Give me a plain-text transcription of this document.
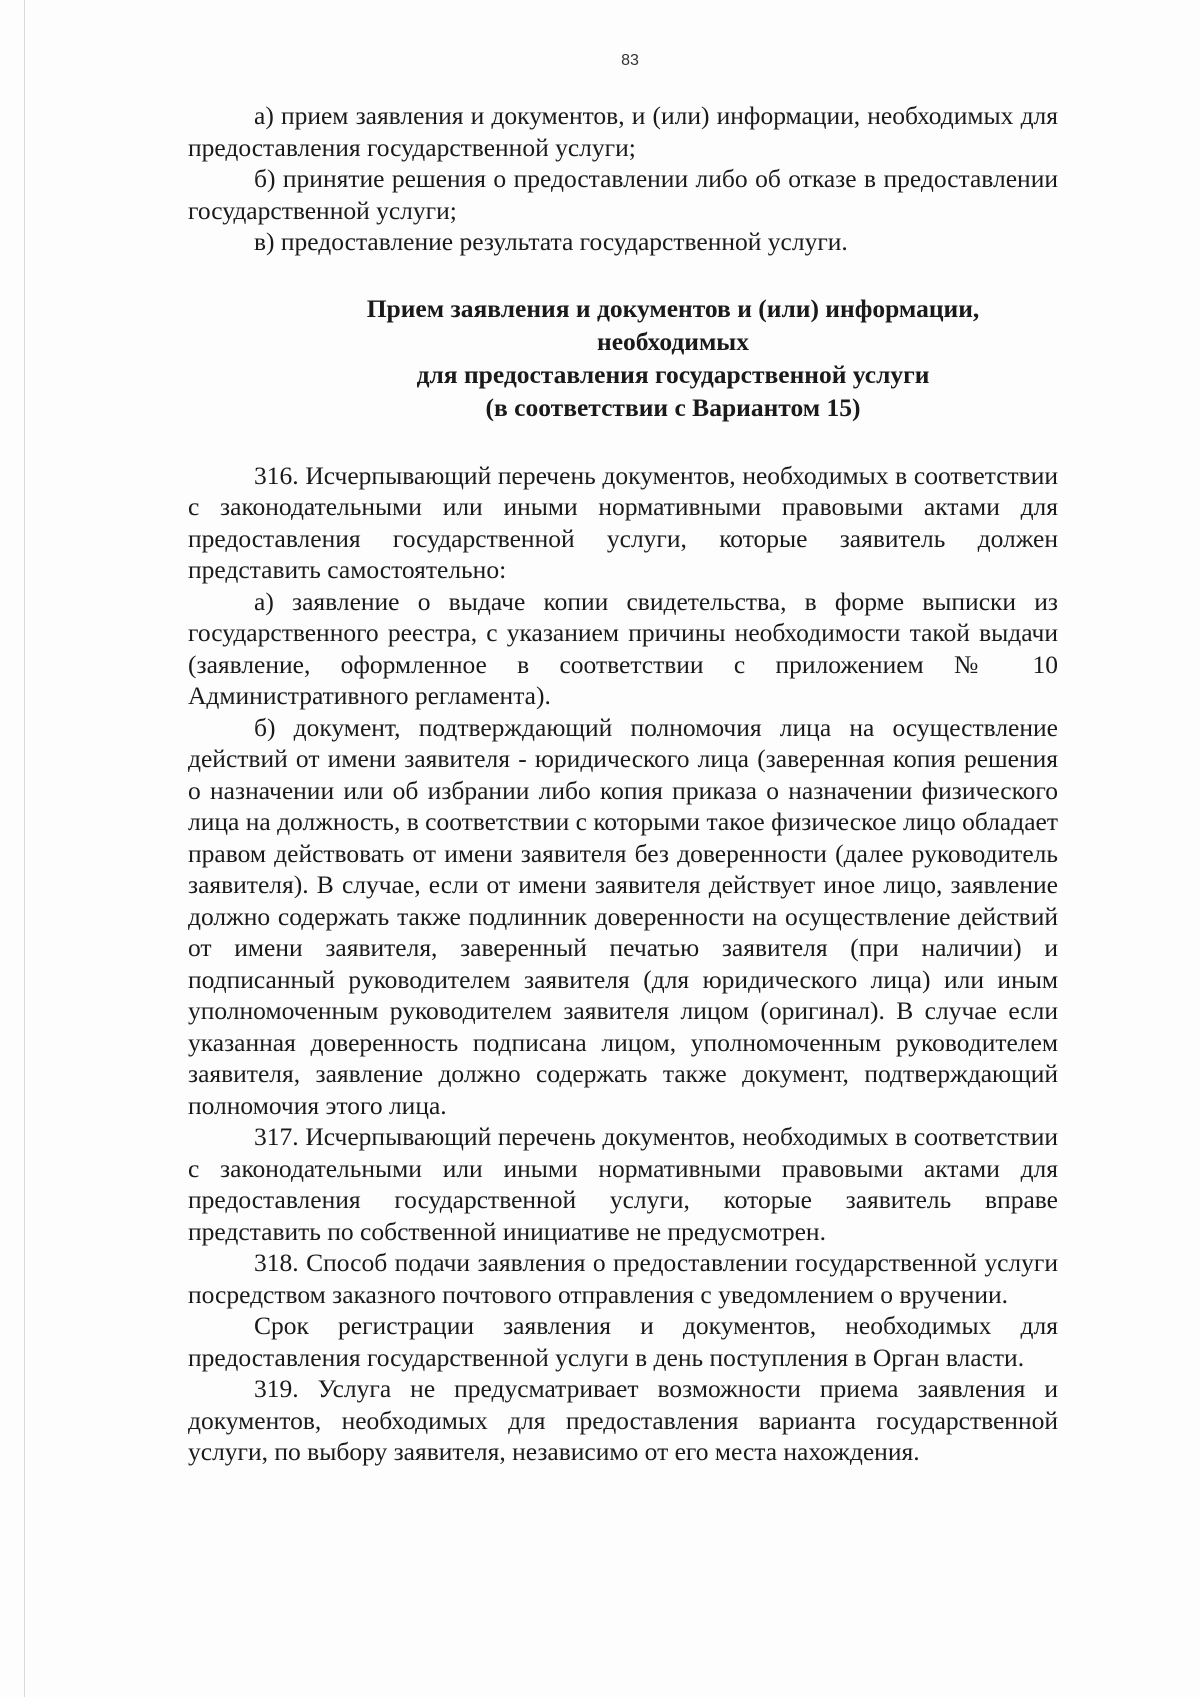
83

а) прием заявления и документов, и (или) информации, необходимых для предоставления государственной услуги;

б) принятие решения о предоставлении либо об отказе в предоставлении государственной услуги;

в) предоставление результата государственной услуги.

Прием заявления и документов и (или) информации, необходимых
для предоставления государственной услуги
(в соответствии с Вариантом 15)

316. Исчерпывающий перечень документов, необходимых в соответствии с законодательными или иными нормативными правовыми актами для предоставления государственной услуги, которые заявитель должен представить самостоятельно:

а) заявление о выдаче копии свидетельства, в форме выписки из государственного реестра, с указанием причины необходимости такой выдачи (заявление, оформленное в соответствии с приложением № 10 Административного регламента).

б) документ, подтверждающий полномочия лица на осуществление действий от имени заявителя - юридического лица (заверенная копия решения о назначении или об избрании либо копия приказа о назначении физического лица на должность, в соответствии с которыми такое физическое лицо обладает правом действовать от имени заявителя без доверенности (далее руководитель заявителя). В случае, если от имени заявителя действует иное лицо, заявление должно содержать также подлинник доверенности на осуществление действий от имени заявителя, заверенный печатью заявителя (при наличии) и подписанный руководителем заявителя (для юридического лица) или иным уполномоченным руководителем заявителя лицом (оригинал). В случае если указанная доверенность подписана лицом, уполномоченным руководителем заявителя, заявление должно содержать также документ, подтверждающий полномочия этого лица.

317. Исчерпывающий перечень документов, необходимых в соответствии с законодательными или иными нормативными правовыми актами для предоставления государственной услуги, которые заявитель вправе представить по собственной инициативе не предусмотрен.

318. Способ подачи заявления о предоставлении государственной услуги посредством заказного почтового отправления с уведомлением о вручении.

Срок регистрации заявления и документов, необходимых для предоставления государственной услуги в день поступления в Орган власти.

319. Услуга не предусматривает возможности приема заявления и документов, необходимых для предоставления варианта государственной услуги, по выбору заявителя, независимо от его места нахождения.
